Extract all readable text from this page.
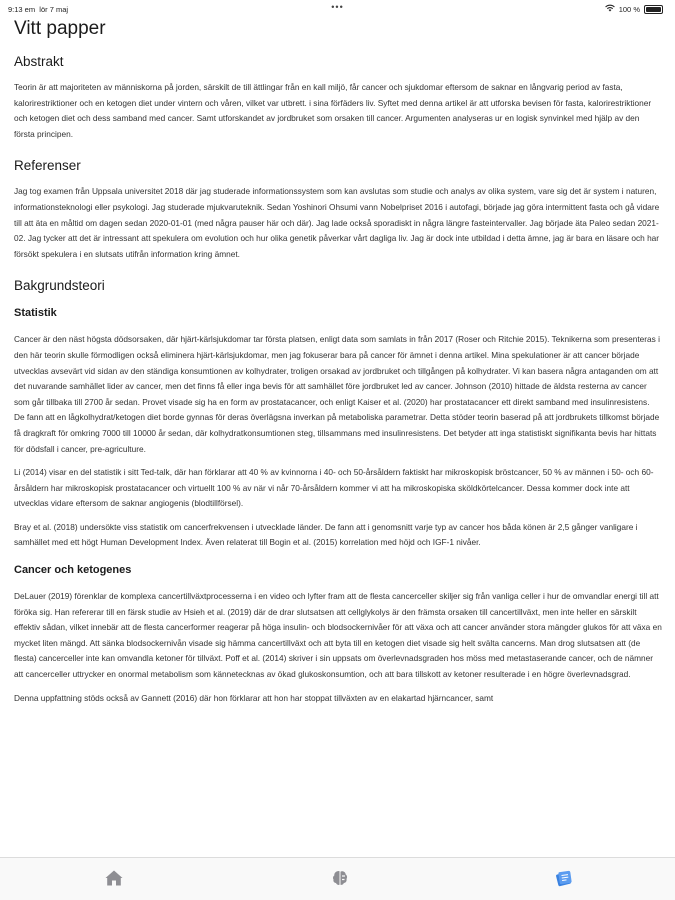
9:13 em lör 7 maj	•••	100 %
Vitt papper
Abstrakt

Teorin är att majoriteten av människorna på jorden, särskilt de till ättlingar från en kall miljö, får cancer och sjukdomar eftersom de saknar en långvarig period av fasta, kalorirestriktioner och en ketogen diet under vintern och våren, vilket var utbrett. i sina förfäders liv. Syftet med denna artikel är att utforska bevisen för fasta, kalorirestriktioner och ketogen diet och dess samband med cancer. Samt utforskandet av jordbruket som orsaken till cancer. Argumenten analyseras ur en logisk synvinkel med hjälp av den första principen.

Referenser

Jag tog examen från Uppsala universitet 2018 där jag studerade informationssystem som kan avslutas som studie och analys av olika system, vare sig det är system i naturen, informationsteknologi eller psykologi. Jag studerade mjukvaruteknik. Sedan Yoshinori Ohsumi vann Nobelpriset 2016 i autofagi, började jag göra intermittent fasta och gå vidare till att äta en måltid om dagen sedan 2020-01-01 (med några pauser här och där). Jag lade också sporadiskt in några längre fasteintervaller. Jag började äta Paleo sedan 2021-02. Jag tycker att det är intressant att spekulera om evolution och hur olika genetik påverkar vårt dagliga liv. Jag är dock inte utbildad i detta ämne, jag är bara en läsare och har försökt spekulera i en slutsats utifrån information kring ämnet.

Bakgrundsteori
Statistik

Cancer är den näst högsta dödsorsaken, där hjärt-kärlsjukdomar tar första platsen, enligt data som samlats in från 2017 (Roser och Ritchie 2015). Teknikerna som presenteras i den här teorin skulle förmodligen också eliminera hjärt-kärlsjukdomar, men jag fokuserar bara på cancer för ämnet i denna artikel. Mina spekulationer är att cancer började utvecklas avsevärt vid sidan av den ständiga konsumtionen av kolhydrater, troligen orsakad av jordbruket och tillgången på kolhydrater. Vi kan basera några antaganden om att det nuvarande samhället lider av cancer, men det finns få eller inga bevis för att samhället före jordbruket led av cancer. Johnson (2010) hittade de äldsta resterna av cancer som går tillbaka till 2700 år sedan. Provet visade sig ha en form av prostatacancer, och enligt Kaiser et al. (2020) har prostatacancer ett direkt samband med insulinresistens. De fann att en lågkolhydrat/ketogen diet borde gynnas för deras överlägsna inverkan på metaboliska parametrar. Detta stöder teorin baserad på att jordbrukets tillkomst började få dragkraft för omkring 7000 till 10000 år sedan, där kolhydratkonsumtionen steg, tillsammans med insulinresistens. Det betyder att inga statistiskt signifikanta bevis har hittats för dödsfall i cancer, pre-agriculture.

Li (2014) visar en del statistik i sitt Ted-talk, där han förklarar att 40 % av kvinnorna i 40- och 50-årsåldern faktiskt har mikroskopisk bröstcancer, 50 % av männen i 50- och 60-årsåldern har mikroskopisk prostatacancer och virtuellt 100 % av när vi når 70-årsåldern kommer vi att ha mikroskopiska sköldkörtelcancer. Dessa kommer dock inte att utvecklas vidare eftersom de saknar angiogenis (blodtillförsel).

Bray et al. (2018) undersökte viss statistik om cancerfrekvensen i utvecklade länder. De fann att i genomsnitt varje typ av cancer hos båda könen är 2,5 gånger vanligare i samhället med ett högt Human Development Index. Även relaterat till Bogin et al. (2015) korrelation med höjd och IGF-1 nivåer.

Cancer och ketogenes

DeLauer (2019) förenklar de komplexa cancertillväxtprocesserna i en video och lyfter fram att de flesta cancerceller skiljer sig från vanliga celler i hur de omvandlar energi till att föröka sig. Han refererar till en färsk studie av Hsieh et al. (2019) där de drar slutsatsen att cellglykolys är den främsta orsaken till cancertillväxt, men inte heller en särskilt effektiv sådan, vilket innebär att de flesta cancerformer reagerar på höga insulin- och blodsockernivåer för att växa och att cancer använder stora mängder glukos för att växa en mycket liten mängd. Att sänka blodsockernivån visade sig hämma cancertillväxt och att byta till en ketogen diet visade sig helt svälta cancerns. Man drog slutsatsen att (de flesta) cancerceller inte kan omvandla ketoner för tillväxt. Poff et al. (2014) skriver i sin uppsats om överlevnadsgraden hos möss med metastaserande cancer, och de nämner att cancerceller uttrycker en onormal metabolism som kännetecknas av ökad glukoskonsumtion, och att bara tillskott av ketoner resulterade i en högre överlevnadsgrad.

Denna uppfattning stöds också av Gannett (2016) där hon förklarar att hon har stoppat tillväxten av en elakartad hjärncancer, samt
